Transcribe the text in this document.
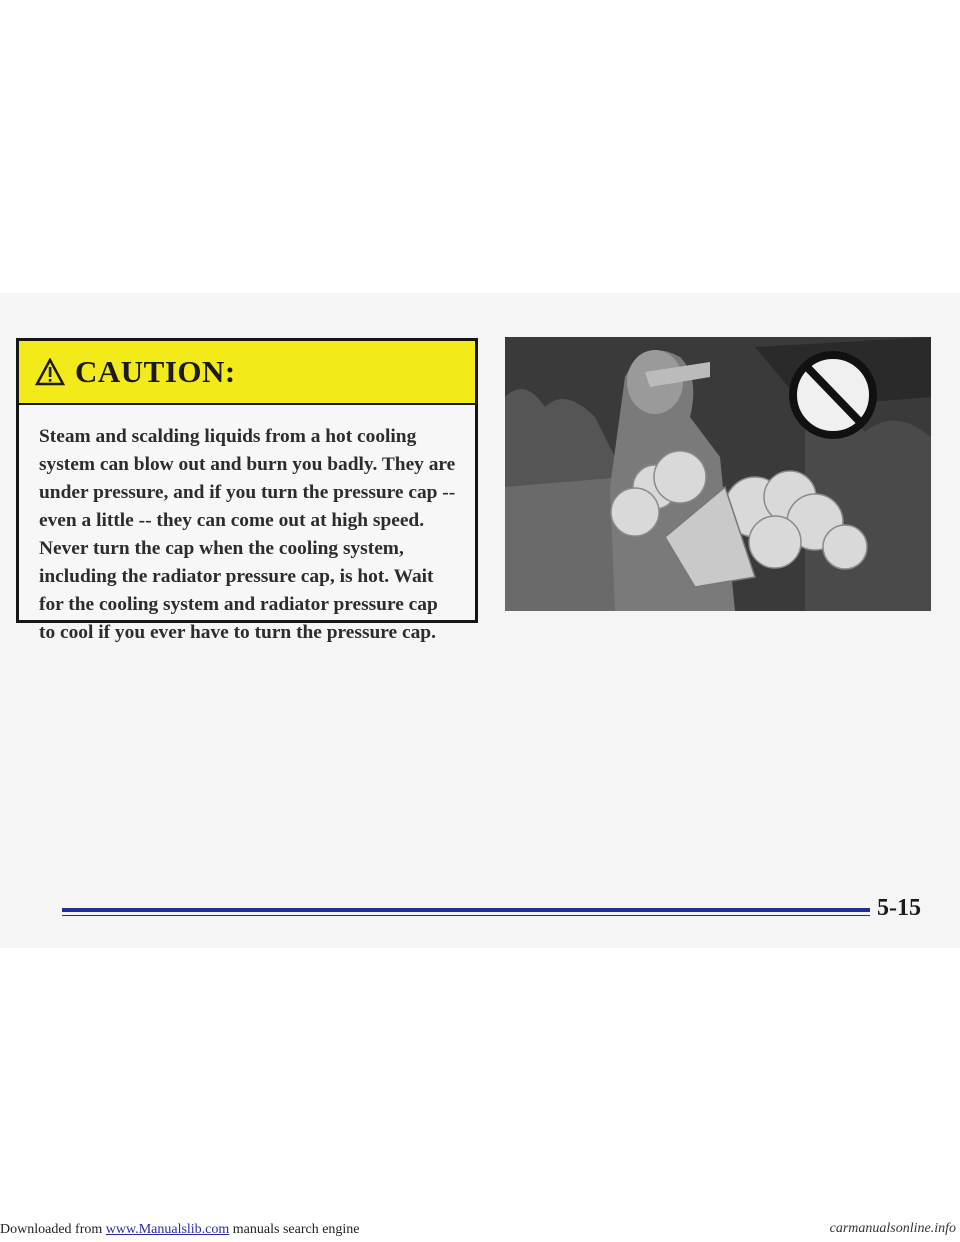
CAUTION:
Steam and scalding liquids from a hot cooling system can blow out and burn you badly. They are under pressure, and if you turn the pressure cap -- even a little -- they can come out at high speed. Never turn the cap when the cooling system, including the radiator pressure cap, is hot. Wait for the cooling system and radiator pressure cap to cool if you ever have to turn the pressure cap.
5-15
Downloaded from www.Manualslib.com manuals search engine	carmanualsonline.info
